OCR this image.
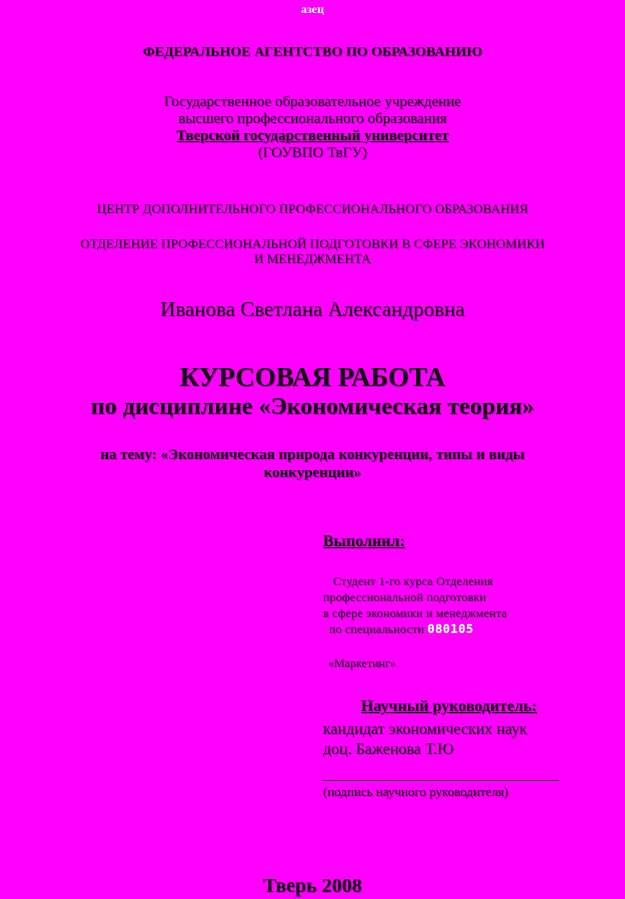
азец
ФЕДЕРАЛЬНОЕ АГЕНТСТВО ПО ОБРАЗОВАНИЮ
Государственное образовательное учреждение
высшего профессионального образования
Тверской государственный университет
(ГОУВПО ТвГУ)
ЦЕНТР ДОПОЛНИТЕЛЬНОГО ПРОФЕССИОНАЛЬНОГО ОБРАЗОВАНИЯ
ОТДЕЛЕНИЕ ПРОФЕССИОНАЛЬНОЙ ПОДГОТОВКИ В СФЕРЕ ЭКОНОМИКИ
И МЕНЕДЖМЕНТА
Иванова Светлана Александровна
КУРСОВАЯ РАБОТА
по дисциплине «Экономическая теория»
на тему: «Экономическая природа конкуренции, типы и виды
конкуренции»
Выполнил:
Студент 1-го курса Отделения
профессиональной подготовки
в сфере экономики и менеджмента
по специальности 080105
«Маркетинг»
Научный руководитель:
кандидат экономических наук
доц. Баженова Т.Ю
(подпись научного руководителя)
Тверь 2008
